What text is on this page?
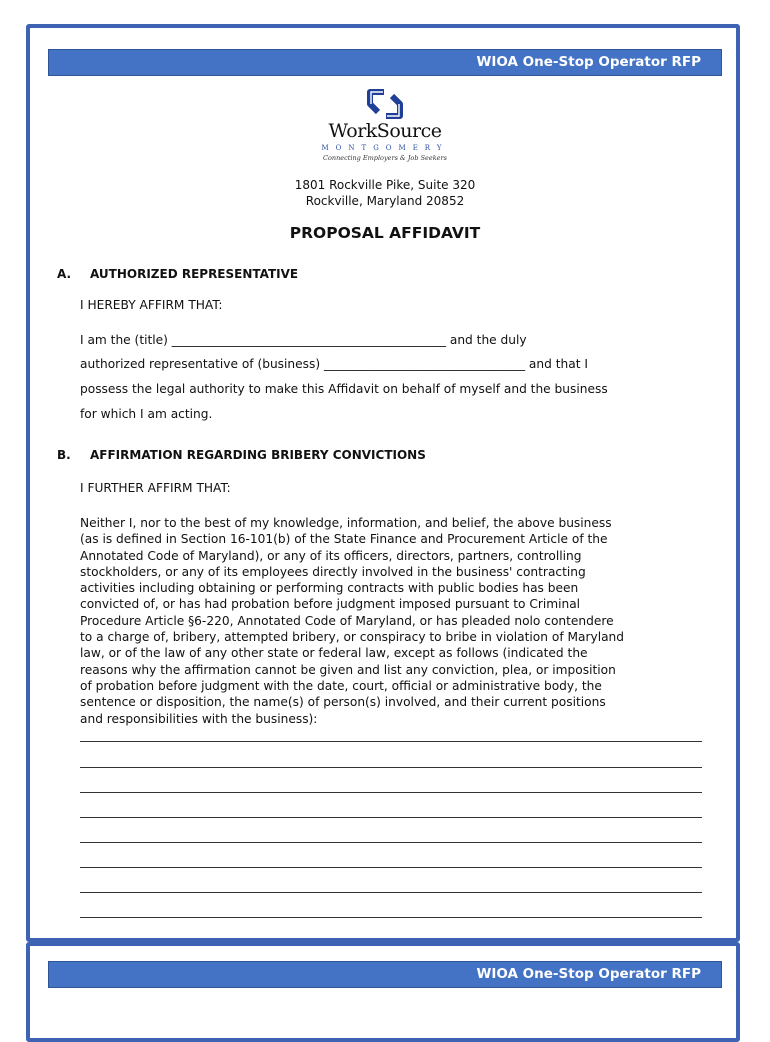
WIOA One-Stop Operator RFP
WorkSource
MONTGOMERY
Connecting Employers & Job Seekers
1801 Rockville Pike, Suite 320
Rockville, Maryland 20852
PROPOSAL AFFIDAVIT
A. AUTHORIZED REPRESENTATIVE
I HEREBY AFFIRM THAT:
I am the (title) _____________________________________________ and the duly
authorized representative of (business) _________________________________ and that I
possess the legal authority to make this Affidavit on behalf of myself and the business
for which I am acting.
B. AFFIRMATION REGARDING BRIBERY CONVICTIONS
I FURTHER AFFIRM THAT:
Neither I, nor to the best of my knowledge, information, and belief, the above business
(as is defined in Section 16-101(b) of the State Finance and Procurement Article of the
Annotated Code of Maryland), or any of its officers, directors, partners, controlling
stockholders, or any of its employees directly involved in the business' contracting
activities including obtaining or performing contracts with public bodies has been
convicted of, or has had probation before judgment imposed pursuant to Criminal
Procedure Article §6-220, Annotated Code of Maryland, or has pleaded nolo contendere
to a charge of, bribery, attempted bribery, or conspiracy to bribe in violation of Maryland
law, or of the law of any other state or federal law, except as follows (indicated the
reasons why the affirmation cannot be given and list any conviction, plea, or imposition
of probation before judgment with the date, court, official or administrative body, the
sentence or disposition, the name(s) of person(s) involved, and their current positions
and responsibilities with the business):
WIOA One-Stop Operator RFP
